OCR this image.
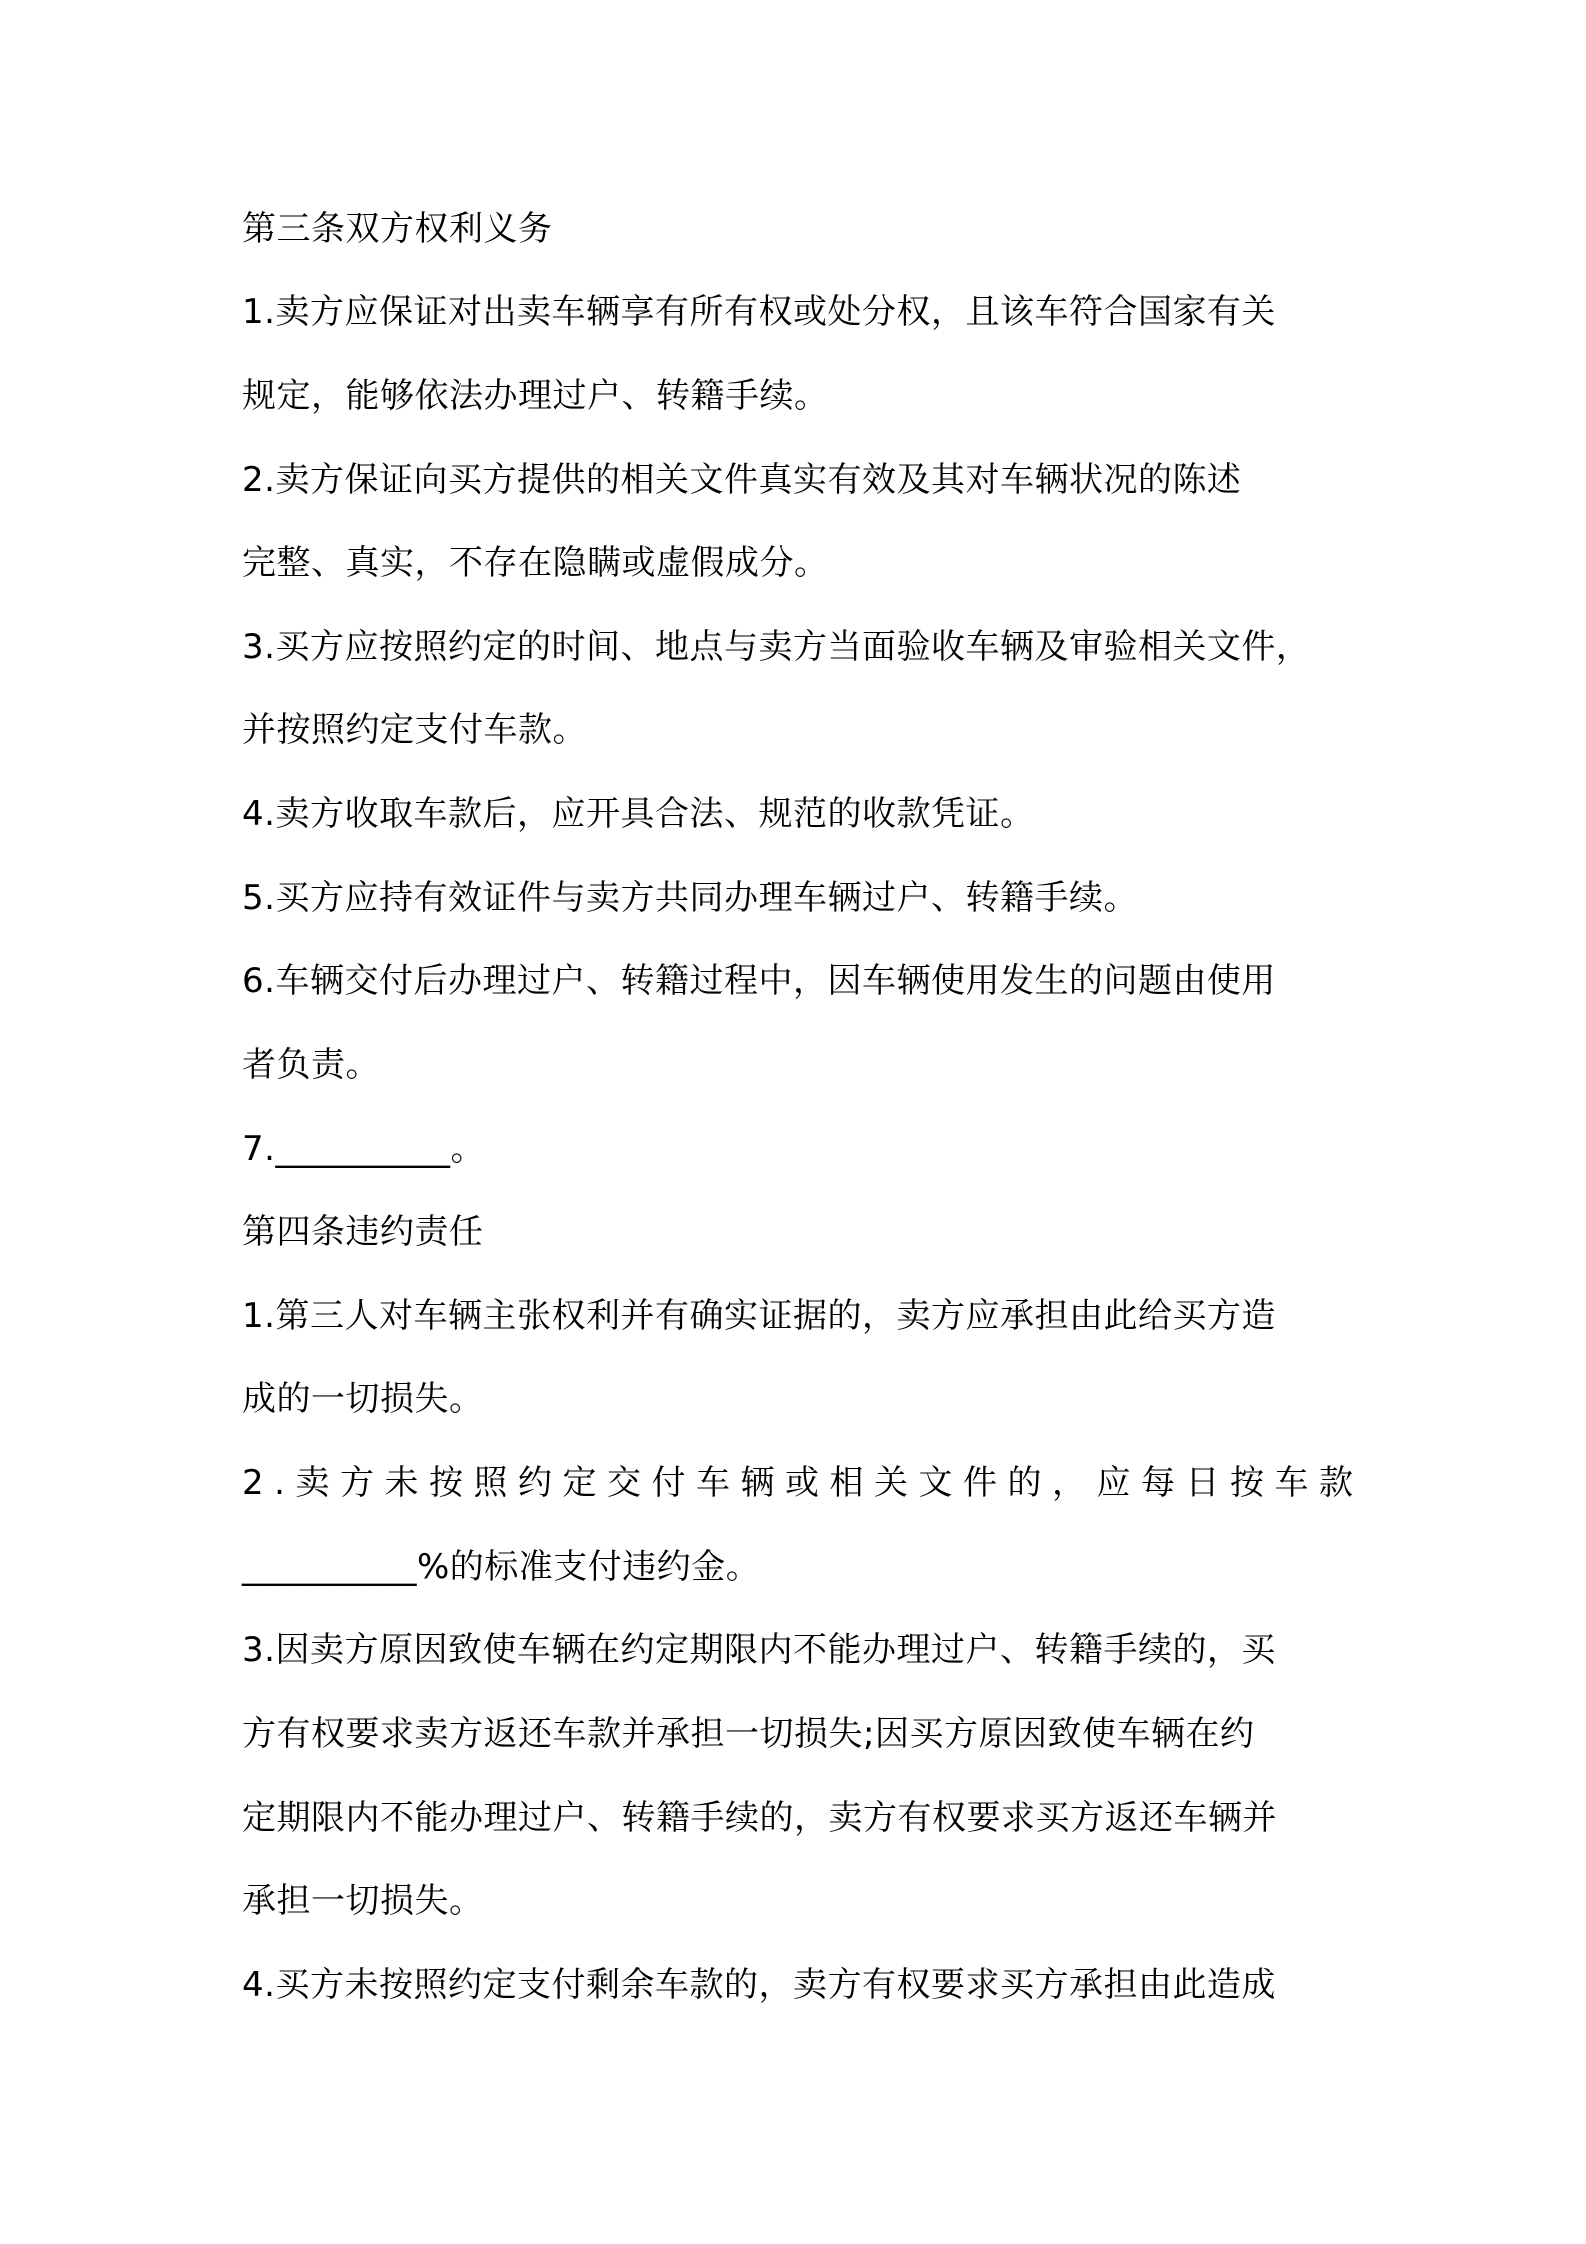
第三条双方权利义务
1.卖方应保证对出卖车辆享有所有权或处分权，且该车符合国家有关
规定，能够依法办理过户、转籍手续。
2.卖方保证向买方提供的相关文件真实有效及其对车辆状况的陈述
完整、真实，不存在隐瞒或虚假成分。
3.买方应按照约定的时间、地点与卖方当面验收车辆及审验相关文件，
并按照约定支付车款。
4.卖方收取车款后，应开具合法、规范的收款凭证。
5.买方应持有效证件与卖方共同办理车辆过户、转籍手续。
6.车辆交付后办理过户、转籍过程中，因车辆使用发生的问题由使用
者负责。
7.__________。
第四条违约责任
1.第三人对车辆主张权利并有确实证据的，卖方应承担由此给买方造
成的一切损失。
2.卖方未按照约定交付车辆或相关文件的，应每日按车款
__________%的标准支付违约金。
3.因卖方原因致使车辆在约定期限内不能办理过户、转籍手续的，买
方有权要求卖方返还车款并承担一切损失;因买方原因致使车辆在约
定期限内不能办理过户、转籍手续的，卖方有权要求买方返还车辆并
承担一切损失。
4.买方未按照约定支付剩余车款的，卖方有权要求买方承担由此造成
